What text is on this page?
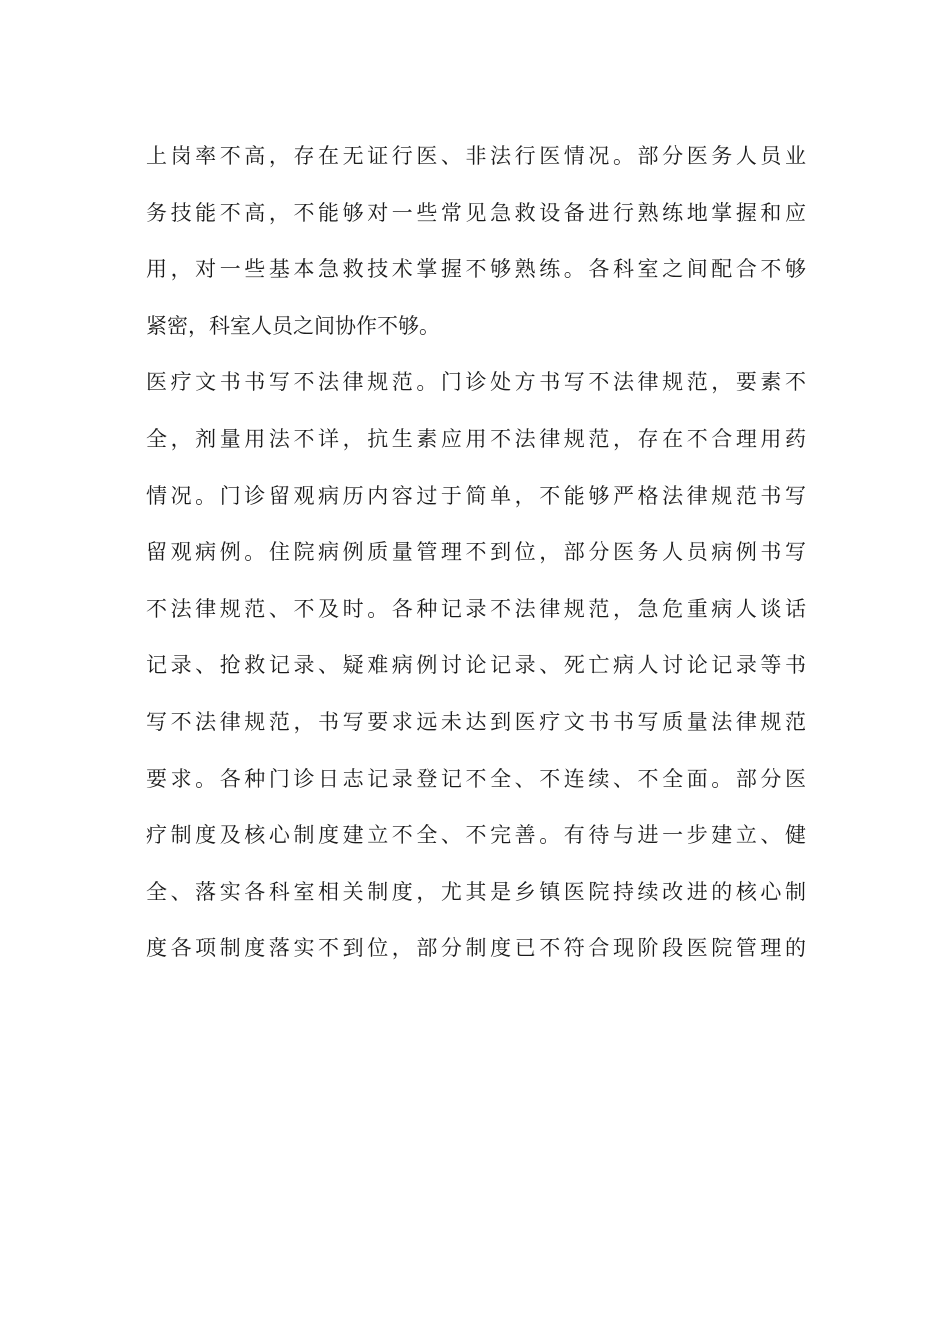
上岗率不高，存在无证行医、非法行医情况。部分医务人员业
务技能不高，不能够对一些常见急救设备进行熟练地掌握和应
用，对一些基本急救技术掌握不够熟练。各科室之间配合不够
紧密，科室人员之间协作不够。
医疗文书书写不法律规范。门诊处方书写不法律规范，要素不
全，剂量用法不详，抗生素应用不法律规范，存在不合理用药
情况。门诊留观病历内容过于简单，不能够严格法律规范书写
留观病例。住院病例质量管理不到位，部分医务人员病例书写
不法律规范、不及时。各种记录不法律规范，急危重病人谈话
记录、抢救记录、疑难病例讨论记录、死亡病人讨论记录等书
写不法律规范，书写要求远未达到医疗文书书写质量法律规范
要求。各种门诊日志记录登记不全、不连续、不全面。部分医
疗制度及核心制度建立不全、不完善。有待与进一步建立、健
全、落实各科室相关制度，尤其是乡镇医院持续改进的核心制
度各项制度落实不到位，部分制度已不符合现阶段医院管理的
